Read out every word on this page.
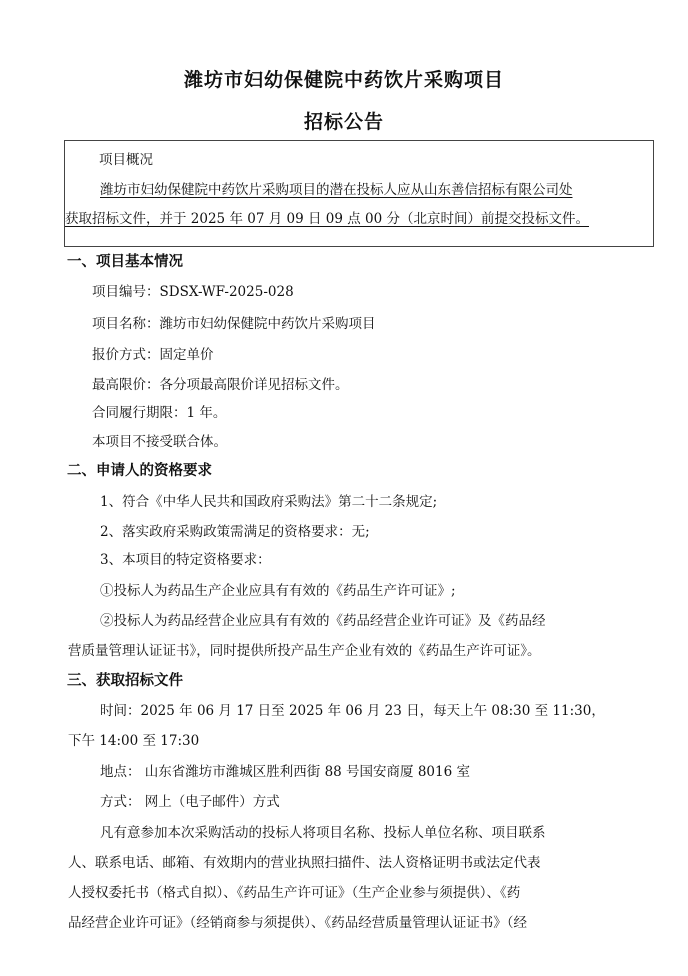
潍坊市妇幼保健院中药饮片采购项目
招标公告
项目概况
潍坊市妇幼保健院中药饮片采购项目的潜在投标人应从山东善信招标有限公司处
获取招标文件，并于 2025 年 07 月 09 日 09 点 00 分（北京时间）前提交投标文件。
一、项目基本情况
项目编号：SDSX-WF-2025-028
项目名称：潍坊市妇幼保健院中药饮片采购项目
报价方式：固定单价
最高限价：各分项最高限价详见招标文件。
合同履行期限：1 年。
本项目不接受联合体。
二、申请人的资格要求
1、符合《中华人民共和国政府采购法》第二十二条规定;
2、落实政府采购政策需满足的资格要求：无;
3、本项目的特定资格要求：
①投标人为药品生产企业应具有有效的《药品生产许可证》;
②投标人为药品经营企业应具有有效的《药品经营企业许可证》及《药品经
营质量管理认证证书》，同时提供所投产品生产企业有效的《药品生产许可证》。
三、获取招标文件
时间：2025 年 06 月 17 日至 2025 年 06 月 23 日，每天上午 08:30 至 11:30，
下午 14:00 至 17:30
地点： 山东省潍坊市潍城区胜利西街 88 号国安商厦 8016 室
方式： 网上（电子邮件）方式
凡有意参加本次采购活动的投标人将项目名称、投标人单位名称、项目联系
人、联系电话、邮箱、有效期内的营业执照扫描件、法人资格证明书或法定代表
人授权委托书（格式自拟）、《药品生产许可证》（生产企业参与须提供）、《药
品经营企业许可证》（经销商参与须提供）、《药品经营质量管理认证证书》（经
